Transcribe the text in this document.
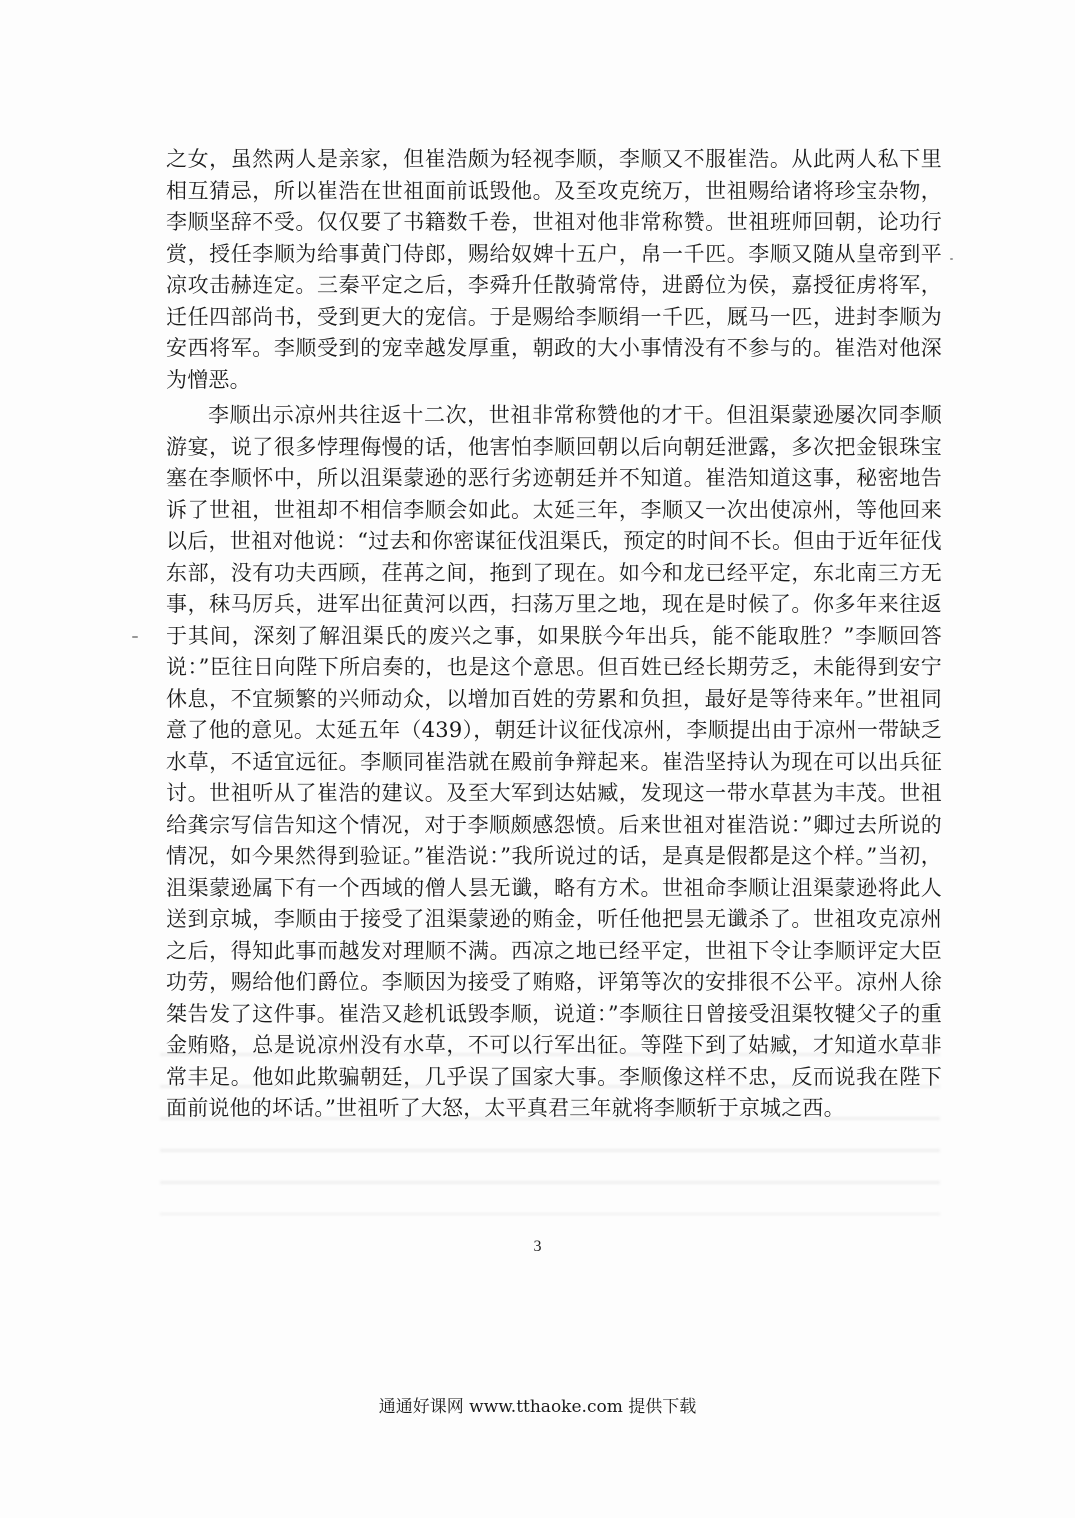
之女，虽然两人是亲家，但崔浩颇为轻视李顺，李顺又不服崔浩。从此两人私下里相互猜忌，所以崔浩在世祖面前诋毁他。及至攻克统万，世祖赐给诸将珍宝杂物，李顺坚辞不受。仅仅要了书籍数千卷，世祖对他非常称赞。世祖班师回朝，论功行赏，授任李顺为给事黄门侍郎，赐给奴婢十五户，帛一千匹。李顺又随从皇帝到平凉攻击赫连定。三秦平定之后，李舜升任散骑常侍，进爵位为侯，嘉授征虏将军，迁任四部尚书，受到更大的宠信。于是赐给李顺绢一千匹，厩马一匹，进封李顺为安西将军。李顺受到的宠幸越发厚重，朝政的大小事情没有不参与的。崔浩对他深为憎恶。

李顺出示凉州共往返十二次，世祖非常称赞他的才干。但沮渠蒙逊屡次同李顺游宴，说了很多悖理侮慢的话，他害怕李顺回朝以后向朝廷泄露，多次把金银珠宝塞在李顺怀中，所以沮渠蒙逊的恶行劣迹朝廷并不知道。崔浩知道这事，秘密地告诉了世祖，世祖却不相信李顺会如此。太延三年，李顺又一次出使凉州，等他回来以后，世祖对他说：“过去和你密谋征伐沮渠氏，预定的时间不长。但由于近年征伐东部，没有功夫西顾，荏苒之间，拖到了现在。如今和龙已经平定，东北南三方无事，秣马厉兵，进军出征黄河以西，扫荡万里之地，现在是时候了。你多年来往返于其间，深刻了解沮渠氏的废兴之事，如果朕今年出兵，能不能取胜？”李顺回答说：”臣往日向陛下所启奏的，也是这个意思。但百姓已经长期劳乏，未能得到安宁休息，不宜频繁的兴师动众，以增加百姓的劳累和负担，最好是等待来年。”世祖同意了他的意见。太延五年（439），朝廷计议征伐凉州，李顺提出由于凉州一带缺乏水草，不适宜远征。李顺同崔浩就在殿前争辩起来。崔浩坚持认为现在可以出兵征讨。世祖听从了崔浩的建议。及至大军到达姑臧，发现这一带水草甚为丰茂。世祖给龚宗写信告知这个情况，对于李顺颇感怨愤。后来世祖对崔浩说：”卿过去所说的情况，如今果然得到验证。”崔浩说：”我所说过的话，是真是假都是这个样。”当初，沮渠蒙逊属下有一个西域的僧人昙无谶，略有方术。世祖命李顺让沮渠蒙逊将此人送到京城，李顺由于接受了沮渠蒙逊的贿金，听任他把昙无谶杀了。世祖攻克凉州之后，得知此事而越发对理顺不满。西凉之地已经平定，世祖下令让李顺评定大臣功劳，赐给他们爵位。李顺因为接受了贿赂，评第等次的安排很不公平。凉州人徐桀告发了这件事。崔浩又趁机诋毁李顺，说道：”李顺往日曾接受沮渠牧犍父子的重金贿赂，总是说凉州没有水草，不可以行军出征。等陛下到了姑臧，才知道水草非常丰足。他如此欺骗朝廷，几乎误了国家大事。李顺像这样不忠，反而说我在陛下面前说他的坏话。”世祖听了大怒，太平真君三年就将李顺斩于京城之西。

3
通通好课网 www.tthaoke.com 提供下载
